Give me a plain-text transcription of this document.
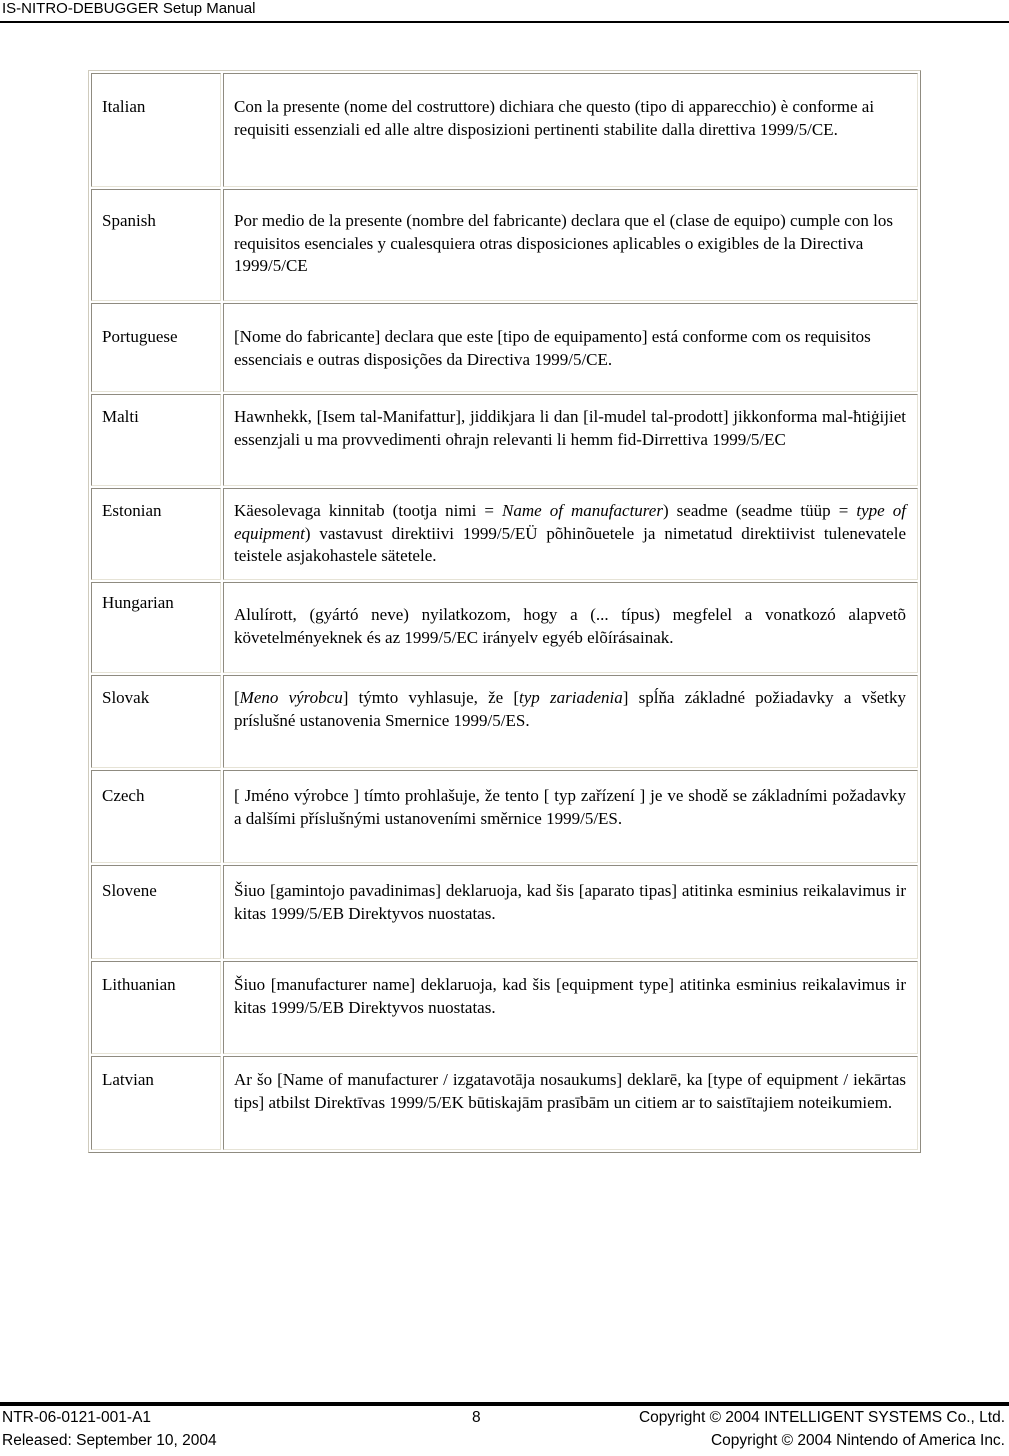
IS-NITRO-DEBUGGER Setup Manual
Italian	Con la presente (nome del costruttore) dichiara che questo (tipo di apparecchio) è conforme ai requisiti essenziali ed alle altre disposizioni pertinenti stabilite dalla direttiva 1999/5/CE.
Spanish	Por medio de la presente (nombre del fabricante) declara que el (clase de equipo) cumple con los requisitos esenciales y cualesquiera otras disposiciones aplicables o exigibles de la Directiva 1999/5/CE
Portuguese	[Nome do fabricante] declara que este [tipo de equipamento] está conforme com os requisitos essenciais e outras disposições da Directiva 1999/5/CE.
Malti	Hawnhekk, [Isem tal-Manifattur], jiddikjara li dan [il-mudel tal-prodott] jikkonforma mal-ħtiġijiet essenzjali u ma provvedimenti oħrajn relevanti li hemm fid-Dirrettiva 1999/5/EC
Estonian	Käesolevaga kinnitab (tootja nimi = Name of manufacturer) seadme (seadme tüüp = type of equipment) vastavust direktiivi 1999/5/EÜ põhinõuetele ja nimetatud direktiivist tulenevatele teistele asjakohastele sätetele.
Hungarian	Alulírott, (gyártó neve) nyilatkozom, hogy a (... típus) megfelel a vonatkozó alapvetõ követelményeknek és az 1999/5/EC irányelv egyéb elõírásainak.
Slovak	[Meno výrobcu] týmto vyhlasuje, že [typ zariadenia] spĺňa základné požiadavky a všetky príslušné ustanovenia Smernice 1999/5/ES.
Czech	[ Jméno výrobce ] tímto prohlašuje, že tento [ typ zařízení ] je ve shodě se základními požadavky a dalšími příslušnými ustanoveními směrnice 1999/5/ES.
Slovene	Šiuo [gamintojo pavadinimas] deklaruoja, kad šis [aparato tipas] atitinka esminius reikalavimus ir kitas 1999/5/EB Direktyvos nuostatas.
Lithuanian	Šiuo [manufacturer name] deklaruoja, kad šis [equipment type] atitinka esminius reikalavimus ir kitas 1999/5/EB Direktyvos nuostatas.
Latvian	Ar šo [Name of manufacturer / izgatavotāja nosaukums] deklarē, ka [type of equipment / iekārtas tips] atbilst Direktīvas 1999/5/EK būtiskajām prasībām un citiem ar to saistītajiem noteikumiem.
NTR-06-0121-001-A1	8	Copyright © 2004 INTELLIGENT SYSTEMS Co., Ltd.
Released: September 10, 2004	Copyright © 2004 Nintendo of America Inc.
